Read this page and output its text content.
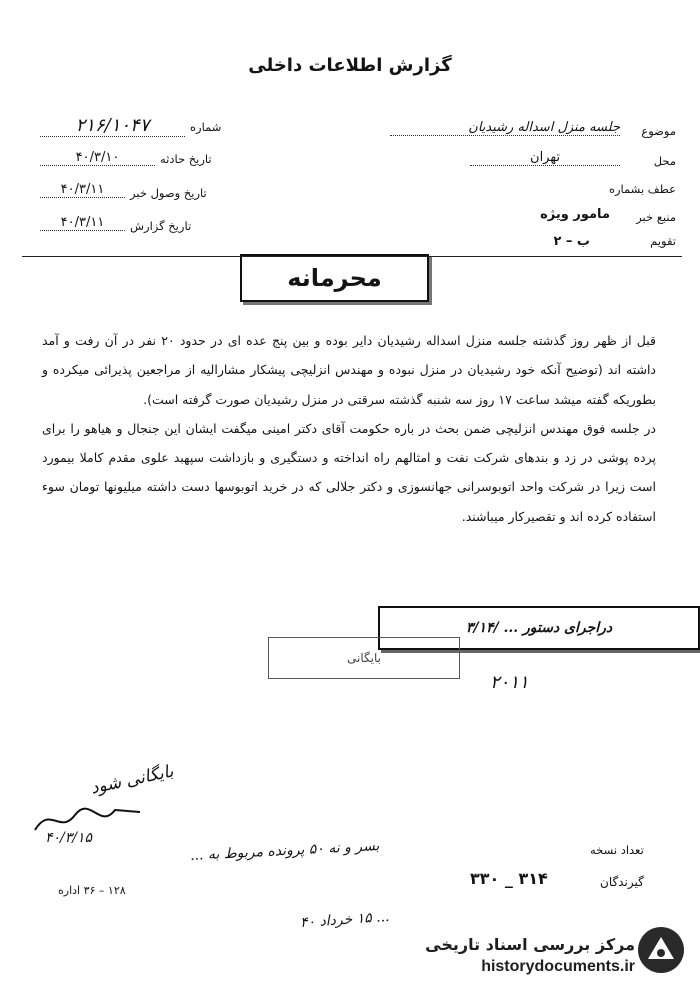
گزارش اطلاعات داخلی
موضوع
جلسه منزل اسداله رشیدیان
محل
تهران
عطف بشماره
منبع خبر
مامور ویژه
تقویم
ب – ۲
شماره
۲۱۶/۱۰۴۷
تاریخ حادثه
۴۰/۳/۱۰
تاریخ وصول خبر
۴۰/۳/۱۱
تاریخ گزارش
۴۰/۳/۱۱
محرمانه

قبل از ظهر روز گذشته جلسه منزل اسداله رشیدیان دایر بوده و بین پنج عده ای در حدود ۲۰ نفر در آن رفت و آمد داشته اند (توضیح آنکه خود رشیدیان در منزل نبوده و مهندس انزلیچی پیشکار مشارالیه از مراجعین پذیرائی میکرده و بطوریکه گفته میشد ساعت ۱۷ روز سه شنبه گذشته سرقتی در منزل رشیدیان صورت گرفته است).

در جلسه فوق مهندس انزلیچی ضمن بحث در باره حکومت آقای دکتر امینی میگفت ایشان این جنجال و هیاهو را برای پرده پوشی در زد و بندهای شرکت نفت و امثالهم راه انداخته و دستگیری و بازداشت سپهبد علوی مقدم کاملا بیمورد است زیرا در شرکت واحد اتوبوسرانی جهانسوزی و دکتر جلالی که در خرید اتوبوسها دست داشته میلیونها تومان سوء استفاده کرده اند و تقصیرکار میباشند.

دراجرای دستور ... /۳/۱۴
بایگانی
۲۰۱۱
بایگانی شود
۴۰/۳/۱۵
بسر و نه ۵۰ پرونده مربوط به ...
... ۱۵ خرداد ۴۰
تعداد نسخه
گیرندگان
۳۱۴ _ ۳۳۰
۱۲۸ – ۳۶ اداره
مرکز بررسی اسناد تاریخی
historydocuments.ir
